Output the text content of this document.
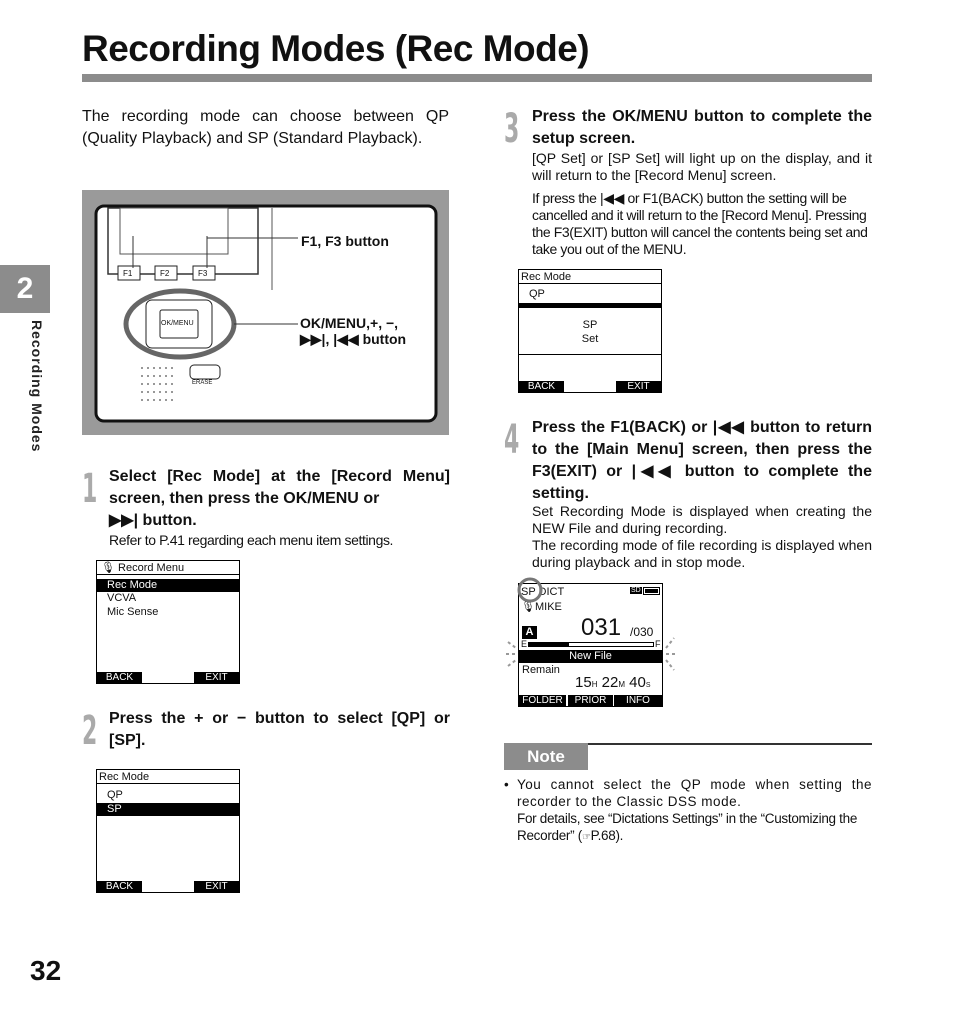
Recording Modes (Rec Mode)
2
Recording Modes
32
The recording mode can choose between QP (Quality Playback) and SP (Standard Playback).
F1	F2	F3
OK/MENU
ERASE
F1, F3 button
OK/MENU,+, −,
▶▶|, |◀◀ button
1 Select [Rec Mode] at the [Record Menu] screen, then press the OK/MENU or
▶▶| button.
Refer to P.41 regarding each menu item settings.
🎙 Record Menu
Rec Mode
VCVA
Mic Sense
BACK	EXIT
2 Press the + or − button to select [QP] or [SP].
Rec Mode
QP
SP
BACK	EXIT
3 Press the OK/MENU button to complete the setup screen.
[QP Set] or [SP Set] will light up on the display, and it will return to the [Record Menu] screen.
If press the |◀◀ or F1(BACK) button the setting will be cancelled and it will return to the [Record Menu]. Pressing the F3(EXIT) button will cancel the contents being set and take you out of the MENU.
Rec Mode
QP
SP
Set
BACK	EXIT
4 Press the F1(BACK) or |◀◀ button to return to the [Main Menu] screen, then press the F3(EXIT) or |◀◀ button to complete the setting.
Set Recording Mode is displayed when creating the NEW File and during recording.
The recording mode of file recording is displayed when during playback and in stop mode.
SP DICT	SD
🎙MIKE
A 031 /030
E	F
New File
Remain
15H 22M 40S
FOLDER	PRIOR	INFO
Note
• You cannot select the QP mode when setting the recorder to the Classic DSS mode.
For details, see “Dictations Settings” in the “Customizing the Recorder” (☞P.68).
